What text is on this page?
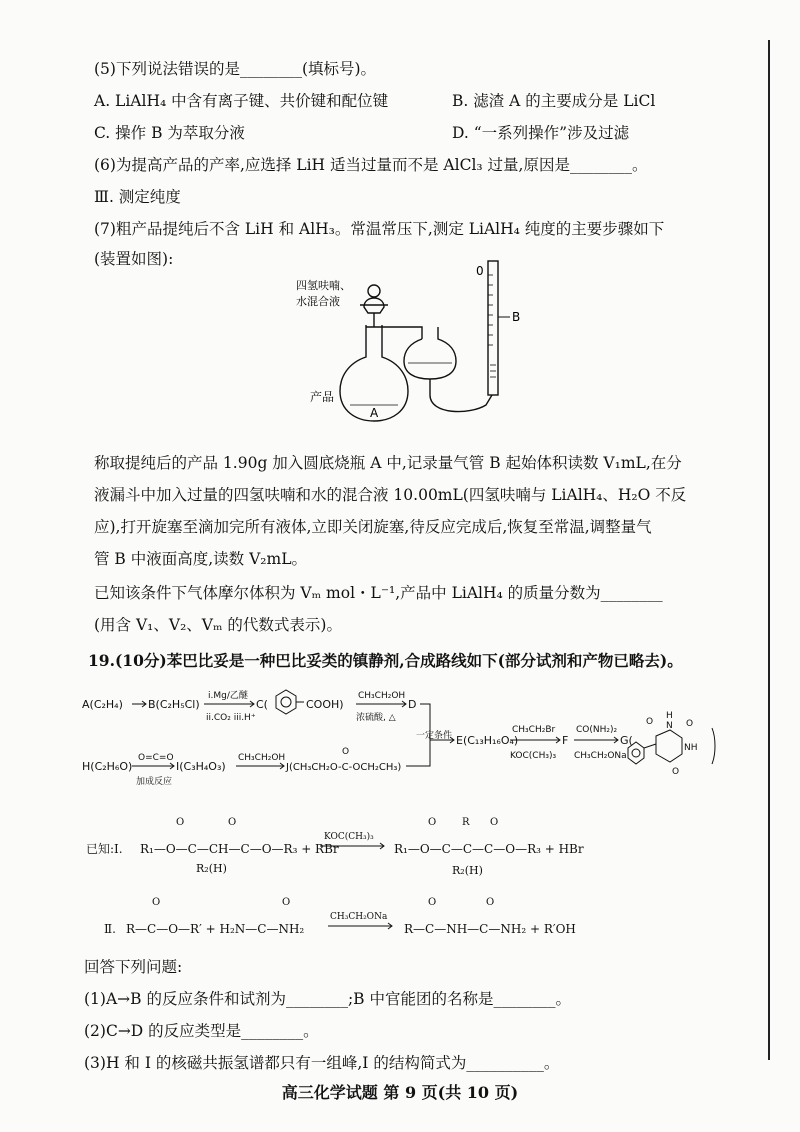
(5)下列说法错误的是________(填标号)。
A. LiAlH₄ 中含有离子键、共价键和配位键	B. 滤渣 A 的主要成分是 LiCl
C. 操作 B 为萃取分液	D. “一系列操作”涉及过滤
(6)为提高产品的产率,应选择 LiH 适当过量而不是 AlCl₃ 过量,原因是________。
Ⅲ. 测定纯度
(7)粗产品提纯后不含 LiH 和 AlH₃。常温常压下,测定 LiAlH₄ 纯度的主要步骤如下
(装置如图):
四氢呋喃、
水混合液
产品
A
B
0
称取提纯后的产品 1.90g 加入圆底烧瓶 A 中,记录量气管 B 起始体积读数 V₁mL,在分
液漏斗中加入过量的四氢呋喃和水的混合液 10.00mL(四氢呋喃与 LiAlH₄、H₂O 不反
应),打开旋塞至滴加完所有液体,立即关闭旋塞,待反应完成后,恢复至常温,调整量气
管 B 中液面高度,读数 V₂mL。
已知该条件下气体摩尔体积为 Vₘ mol・L⁻¹,产品中 LiAlH₄ 的质量分数为________
(用含 V₁、V₂、Vₘ 的代数式表示)。
19.(10分)苯巴比妥是一种巴比妥类的镇静剂,合成路线如下(部分试剂和产物已略去)。
A(C₂H₄) B(C₂H₅Cl)
i.Mg/乙醚
ii.CO₂ iii.H⁺
C(	COOH)
CH₃CH₂OH
浓硫酸, △
D
H(C₂H₆O)
O=C=O
加成反应
I(C₃H₄O₃)
CH₃CH₂OH
O
J(CH₃CH₂O-C-OCH₂CH₃)
一定条件 E(C₁₃H₁₆O₄)
CH₃CH₂Br
KOC(CH₃)₃
F
CO(NH₂)₂
CH₃CH₂ONa
G(
H
N
NH
O
O
O
已知:Ⅰ. R₁—O—C—CH—C—O—R₃ + RBr
O	O
R₂(H)
KOC(CH₃)₃
R₁—O—C—C—C—O—R₃ + HBr
O	R O
R₂(H)
Ⅱ. R—C—O—R′ + H₂N—C—NH₂
O	O
CH₃CH₂ONa
R—C—NH—C—NH₂ + R′OH
O	O
回答下列问题:
(1)A→B 的反应条件和试剂为________;B 中官能团的名称是________。
(2)C→D 的反应类型是________。
(3)H 和 I 的核磁共振氢谱都只有一组峰,I 的结构简式为__________。
高三化学试题 第 9 页(共 10 页)
